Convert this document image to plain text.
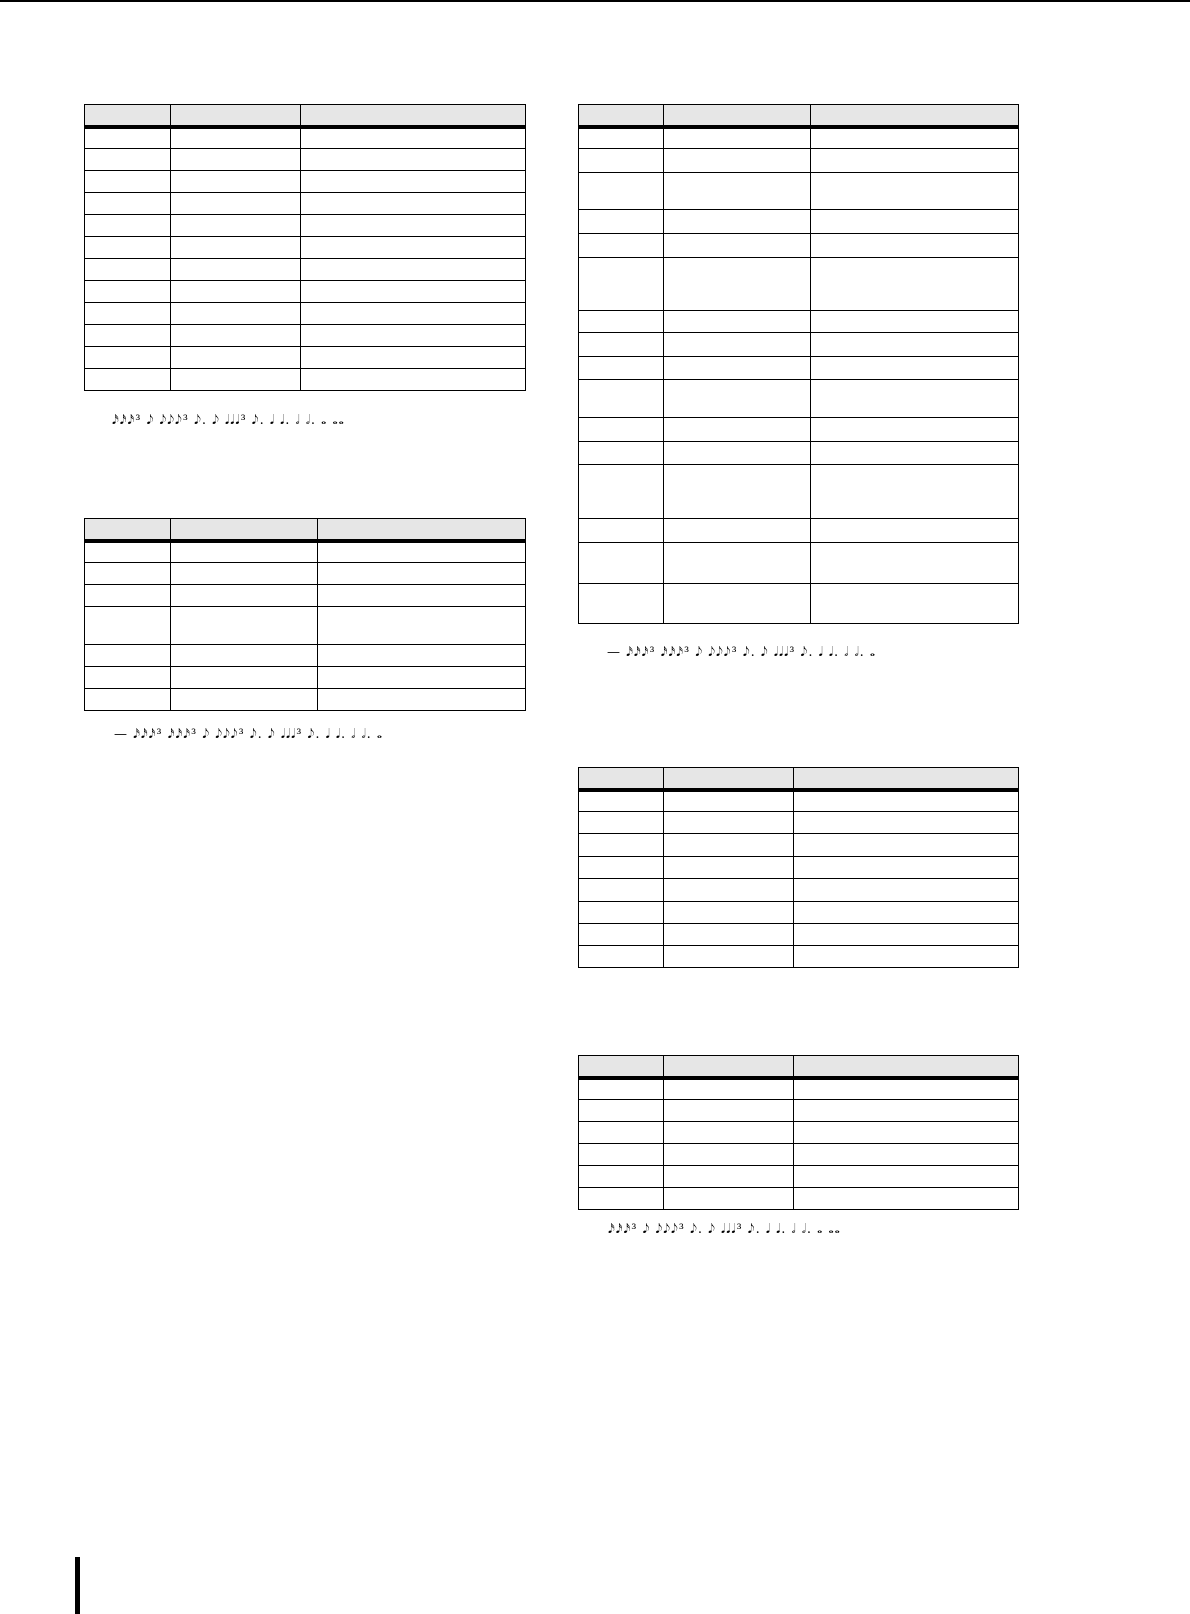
𝅘𝅥𝅯𝅘𝅥𝅯𝅘𝅥𝅯³ 𝅘𝅥𝅮 𝅘𝅥𝅮𝅘𝅥𝅮𝅘𝅥𝅮³ 𝅘𝅥𝅮. 𝅘𝅥𝅮 𝅘𝅥𝅘𝅥𝅘𝅥³ 𝅘𝅥𝅮. 𝅘𝅥 𝅘𝅥. 𝅗𝅥 𝅗𝅥. 𝅝 𝅝𝅝

— 𝅘𝅥𝅯𝅘𝅥𝅯𝅘𝅥𝅯³ 𝅘𝅥𝅯𝅘𝅥𝅯𝅘𝅥𝅯³ 𝅘𝅥𝅮 𝅘𝅥𝅮𝅘𝅥𝅮𝅘𝅥𝅮³ 𝅘𝅥𝅮. 𝅘𝅥𝅮 𝅘𝅥𝅘𝅥𝅘𝅥³ 𝅘𝅥𝅮. 𝅘𝅥 𝅘𝅥. 𝅗𝅥 𝅗𝅥. 𝅝

— 𝅘𝅥𝅯𝅘𝅥𝅯𝅘𝅥𝅯³ 𝅘𝅥𝅯𝅘𝅥𝅯𝅘𝅥𝅯³ 𝅘𝅥𝅮 𝅘𝅥𝅮𝅘𝅥𝅮𝅘𝅥𝅮³ 𝅘𝅥𝅮. 𝅘𝅥𝅮 𝅘𝅥𝅘𝅥𝅘𝅥³ 𝅘𝅥𝅮. 𝅘𝅥 𝅘𝅥. 𝅗𝅥 𝅗𝅥. 𝅝

𝅘𝅥𝅯𝅘𝅥𝅯𝅘𝅥𝅯³ 𝅘𝅥𝅮 𝅘𝅥𝅮𝅘𝅥𝅮𝅘𝅥𝅮³ 𝅘𝅥𝅮. 𝅘𝅥𝅮 𝅘𝅥𝅘𝅥𝅘𝅥³ 𝅘𝅥𝅮. 𝅘𝅥 𝅘𝅥. 𝅗𝅥 𝅗𝅥. 𝅝 𝅝𝅝
